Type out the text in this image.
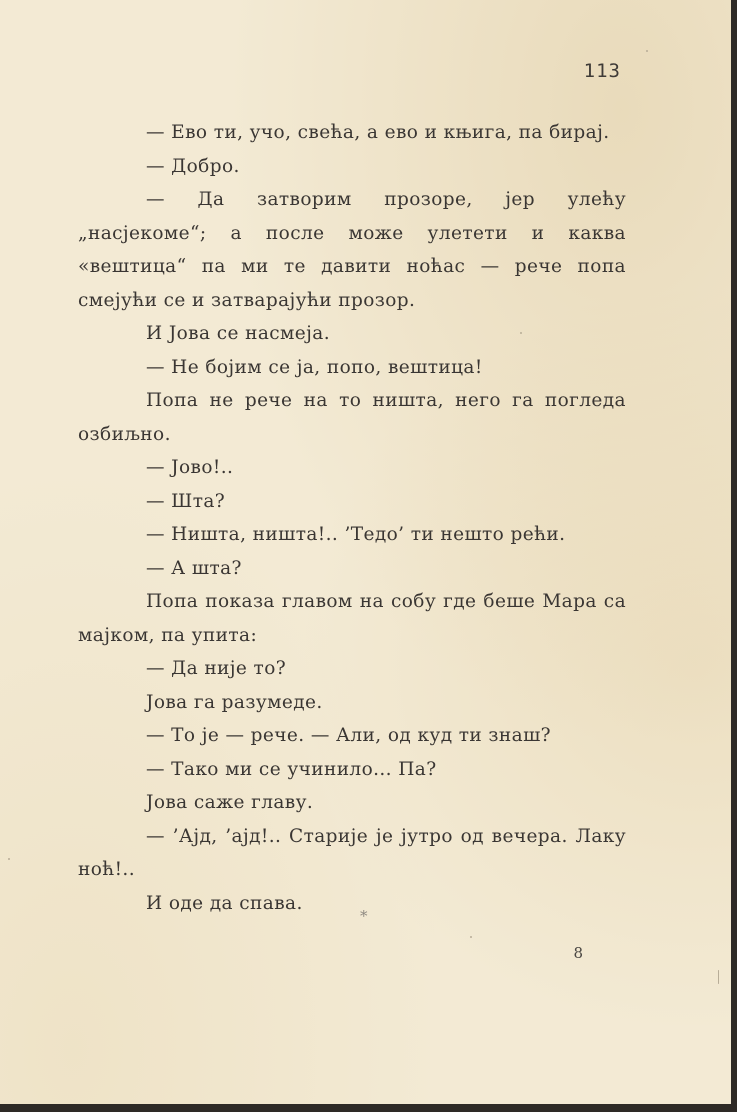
113

— Ево ти, учо, свећа, а ево и књига, па бирај.

— Добро.

— Да затворим прозоре, јер улећу „насјекоме“; а после може улетети и каква «вештица“ па ми те давити ноћас — рече попа смејући се и затварајући прозор.

И Јова се насмеја.

— Не бојим се ја, попо, вештица!

Попа не рече на то ништа, него га погледа озбиљно.

— Јово!..

— Шта?

— Ништа, ништа!.. ’Тедо’ ти нешто рећи.

— А шта?

Попа показа главом на собу где беше Мара са мајком, па упита:

— Да није то?

Јова га разумеде.

— То је — рече. — Али, од куд ти знаш?

— Тако ми се учинило... Па?

Јова саже главу.

— ’Ајд, ’ајд!.. Старије је јутро од вечера. Лаку ноћ!..

И оде да спава.

*
8
